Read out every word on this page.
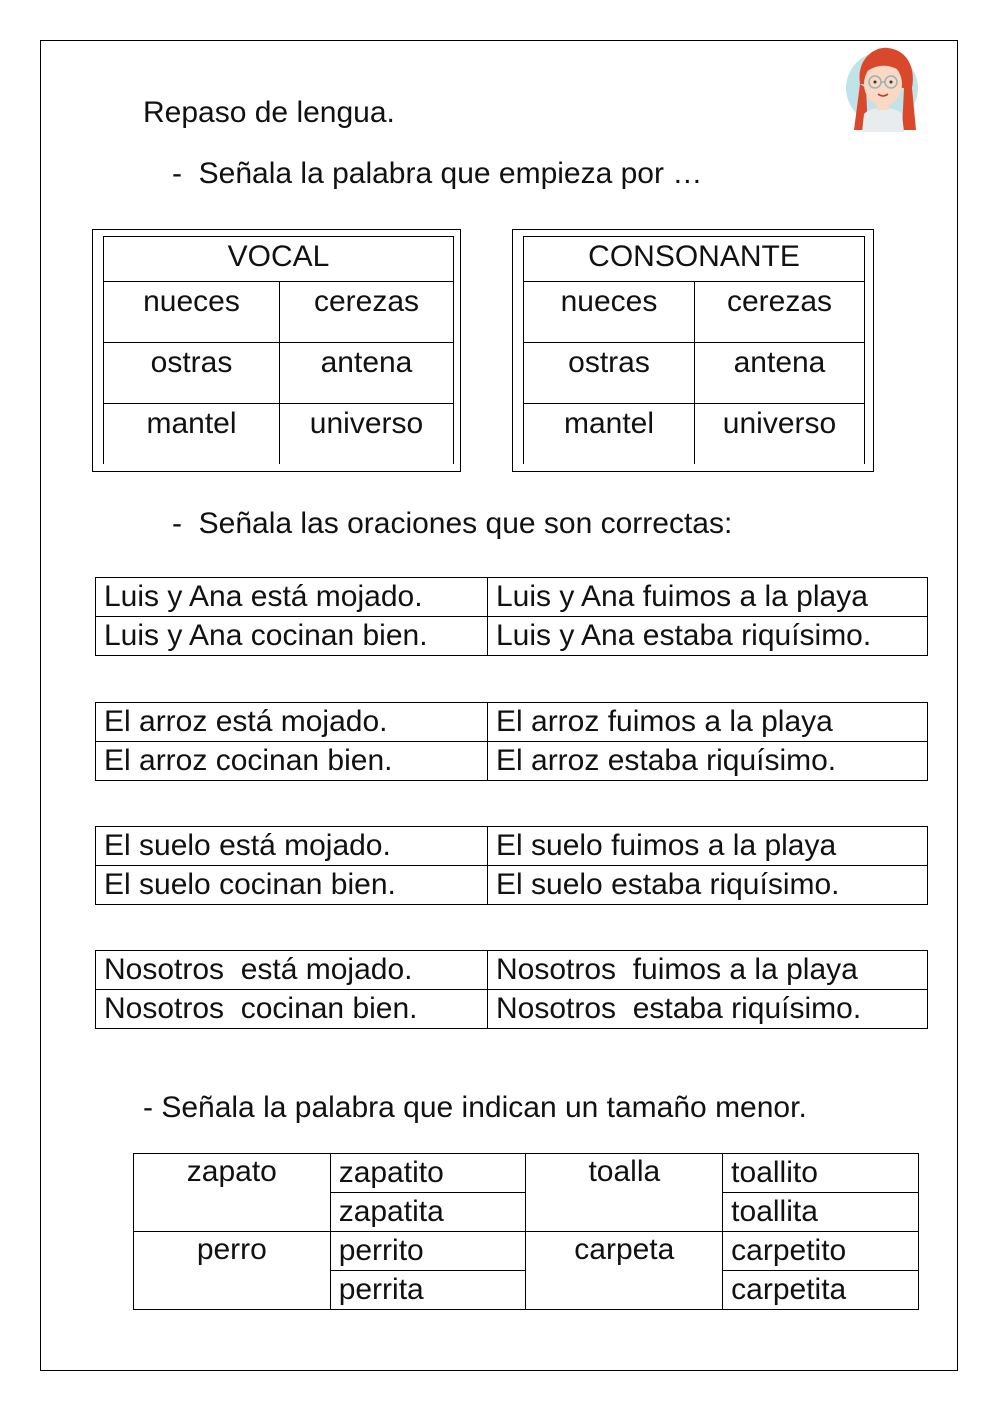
Repaso de lengua.
-  Señala la palabra que empieza por …
VOCAL	
nueces	cerezas
ostras	antena
mantel	universo
CONSONANTE	
nueces	cerezas
ostras	antena
mantel	universo
-  Señala las oraciones que son correctas:
Luis y Ana está mojado.	Luis y Ana fuimos a la playa
Luis y Ana cocinan bien.	Luis y Ana estaba riquísimo.
El arroz está mojado.	El arroz fuimos a la playa
El arroz cocinan bien.	El arroz estaba riquísimo.
El suelo está mojado.	El suelo fuimos a la playa
El suelo cocinan bien.	El suelo estaba riquísimo.
Nosotros  está mojado.	Nosotros  fuimos a la playa
Nosotros  cocinan bien.	Nosotros  estaba riquísimo.
- Señala la palabra que indican un tamaño menor.
zapato	zapatito	toalla	toallito
	zapatita		toallita
perro	perrito	carpeta	carpetito
	perrita		carpetita
